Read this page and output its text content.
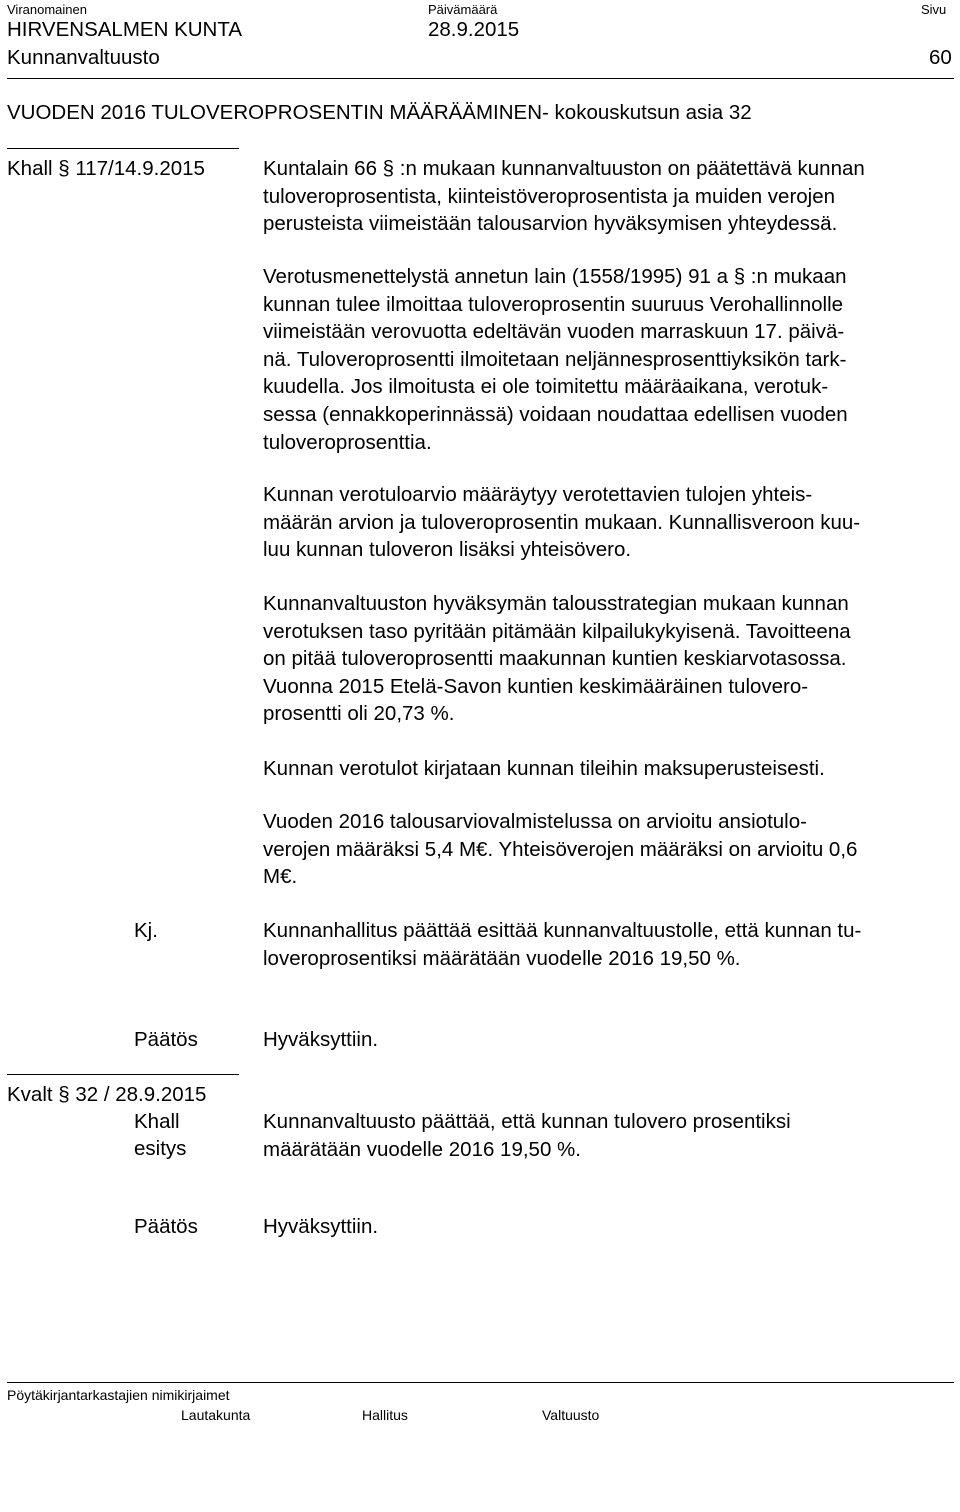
Viranomainen	Päivämäärä	Sivu
HIRVENSALMEN KUNTA	28.9.2015
Kunnanvaltuusto	60
VUODEN 2016 TULOVEROPROSENTIN MÄÄRÄÄMINEN- kokouskutsun asia 32
Khall § 117/14.9.2015	Kuntalain 66 § :n mukaan kunnanvaltuuston on päätettävä kunnan
tuloveroprosentista, kiinteistöveroprosentista ja muiden verojen
perusteista viimeistään talousarvion hyväksymisen yhteydessä.
Verotusmenettelystä annetun lain (1558/1995) 91 a § :n mukaan
kunnan tulee ilmoittaa tuloveroprosentin suuruus Verohallinnolle
viimeistään verovuotta edeltävän vuoden marraskuun 17. päivä-
nä. Tuloveroprosentti ilmoitetaan neljännesprosenttiyksikön tark-
kuudella. Jos ilmoitusta ei ole toimitettu määräaikana, verotuk-
sessa (ennakkoperinnässä) voidaan noudattaa edellisen vuoden
tuloveroprosenttia.
Kunnan verotuloarvio määräytyy verotettavien tulojen yhteis-
määrän arvion ja tuloveroprosentin mukaan. Kunnallisveroon kuu-
luu kunnan tuloveron lisäksi yhteisövero.
Kunnanvaltuuston hyväksymän talousstrategian mukaan kunnan
verotuksen taso pyritään pitämään kilpailukykyisenä. Tavoitteena
on pitää tuloveroprosentti maakunnan kuntien keskiarvotasossa.
Vuonna 2015 Etelä-Savon kuntien keskimääräinen tulovero-
prosentti oli 20,73 %.
Kunnan verotulot kirjataan kunnan tileihin maksuperusteisesti.
Vuoden 2016 talousarviovalmistelussa on arvioitu ansiotulo-
verojen määräksi 5,4 M€. Yhteisöverojen määräksi on arvioitu 0,6
M€.
Kj.	Kunnanhallitus päättää esittää kunnanvaltuustolle, että kunnan tu-
loveroprosentiksi määrätään vuodelle 2016 19,50 %.
Päätös	Hyväksyttiin.
Kvalt § 32 / 28.9.2015
Khall
esitys
Kunnanvaltuusto päättää, että kunnan tulovero prosentiksi
määrätään vuodelle 2016 19,50 %.
Päätös	Hyväksyttiin.
Pöytäkirjantarkastajien nimikirjaimet
Lautakunta	Hallitus	Valtuusto
